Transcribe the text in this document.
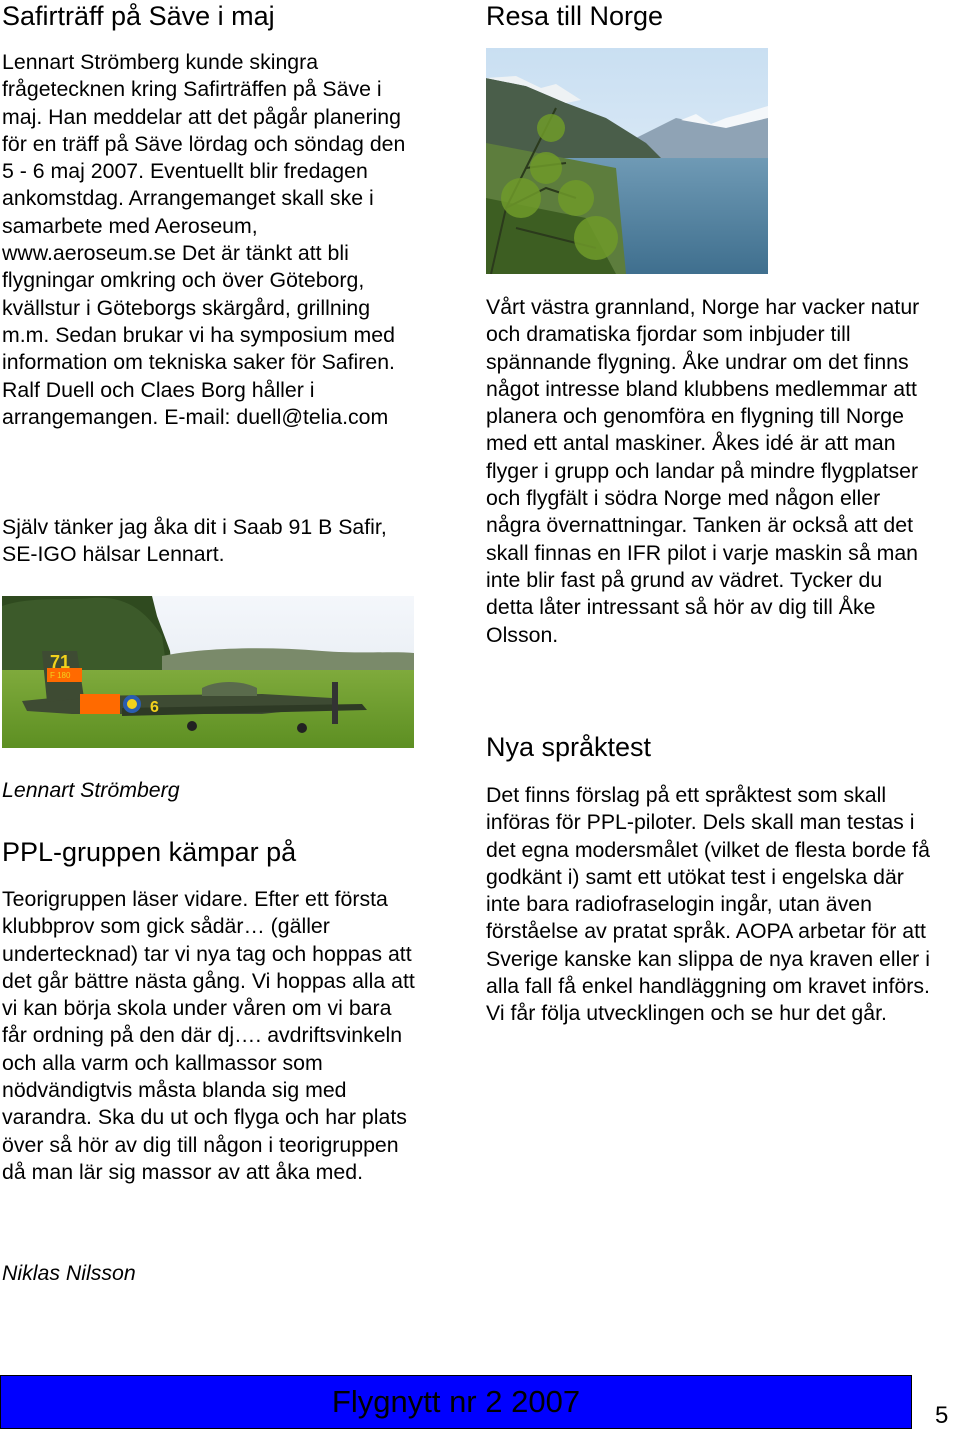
Safirträff på Säve i maj

Lennart Strömberg kunde skingra frågetecknen kring Safirträffen på Säve i maj. Han meddelar att det pågår planering för en träff på Säve lördag och söndag den 5 - 6 maj 2007. Eventuellt blir fredagen ankomstdag. Arrangemanget skall ske i samarbete med Aeroseum, www.aeroseum.se Det är tänkt att bli flygningar omkring och över Göteborg, kvällstur i Göteborgs skärgård, grillning m.m. Sedan brukar vi ha symposium med information om tekniska saker för Safiren. Ralf Duell och Claes Borg håller i arrangemangen. E-mail: duell@telia.com

Själv tänker jag åka dit i Saab 91 B Safir, SE-IGO hälsar Lennart.

71
F 180
6
Lennart Strömberg
PPL-gruppen kämpar på

Teorigruppen läser vidare. Efter ett första klubbprov som gick sådär… (gäller undertecknad) tar vi nya tag och hoppas att det går bättre nästa gång. Vi hoppas alla att vi kan börja skola under våren om vi bara får ordning på den där dj…. avdriftsvinkeln och alla varm och kallmassor som nödvändigtvis måsta blanda sig med varandra. Ska du ut och flyga och har plats över så hör av dig till någon i teorigruppen då man lär sig massor av att åka med.

Niklas Nilsson
Resa till Norge

Vårt västra grannland, Norge har vacker natur och dramatiska fjordar som inbjuder till spännande flygning. Åke undrar om det finns något intresse bland klubbens medlemmar att planera och genomföra en flygning till Norge med ett antal maskiner. Åkes idé är att man flyger i grupp och landar på mindre flygplatser och flygfält i södra Norge med någon eller några övernattningar. Tanken är också att det skall finnas en IFR pilot i varje maskin så man inte blir fast på grund av vädret. Tycker du detta låter intressant så hör av dig till Åke Olsson.

Nya språktest

Det finns förslag på ett språktest som skall införas för PPL-piloter. Dels skall man testas i det egna modersmålet (vilket de flesta borde få godkänt i) samt ett utökat test i engelska där inte bara radiofraselogin ingår, utan även förståelse av pratat språk. AOPA arbetar för att Sverige kanske kan slippa de nya kraven eller i alla fall få enkel handläggning om kravet införs. Vi får följa utvecklingen och se hur det går.

Flygnytt nr 2 2007	5
